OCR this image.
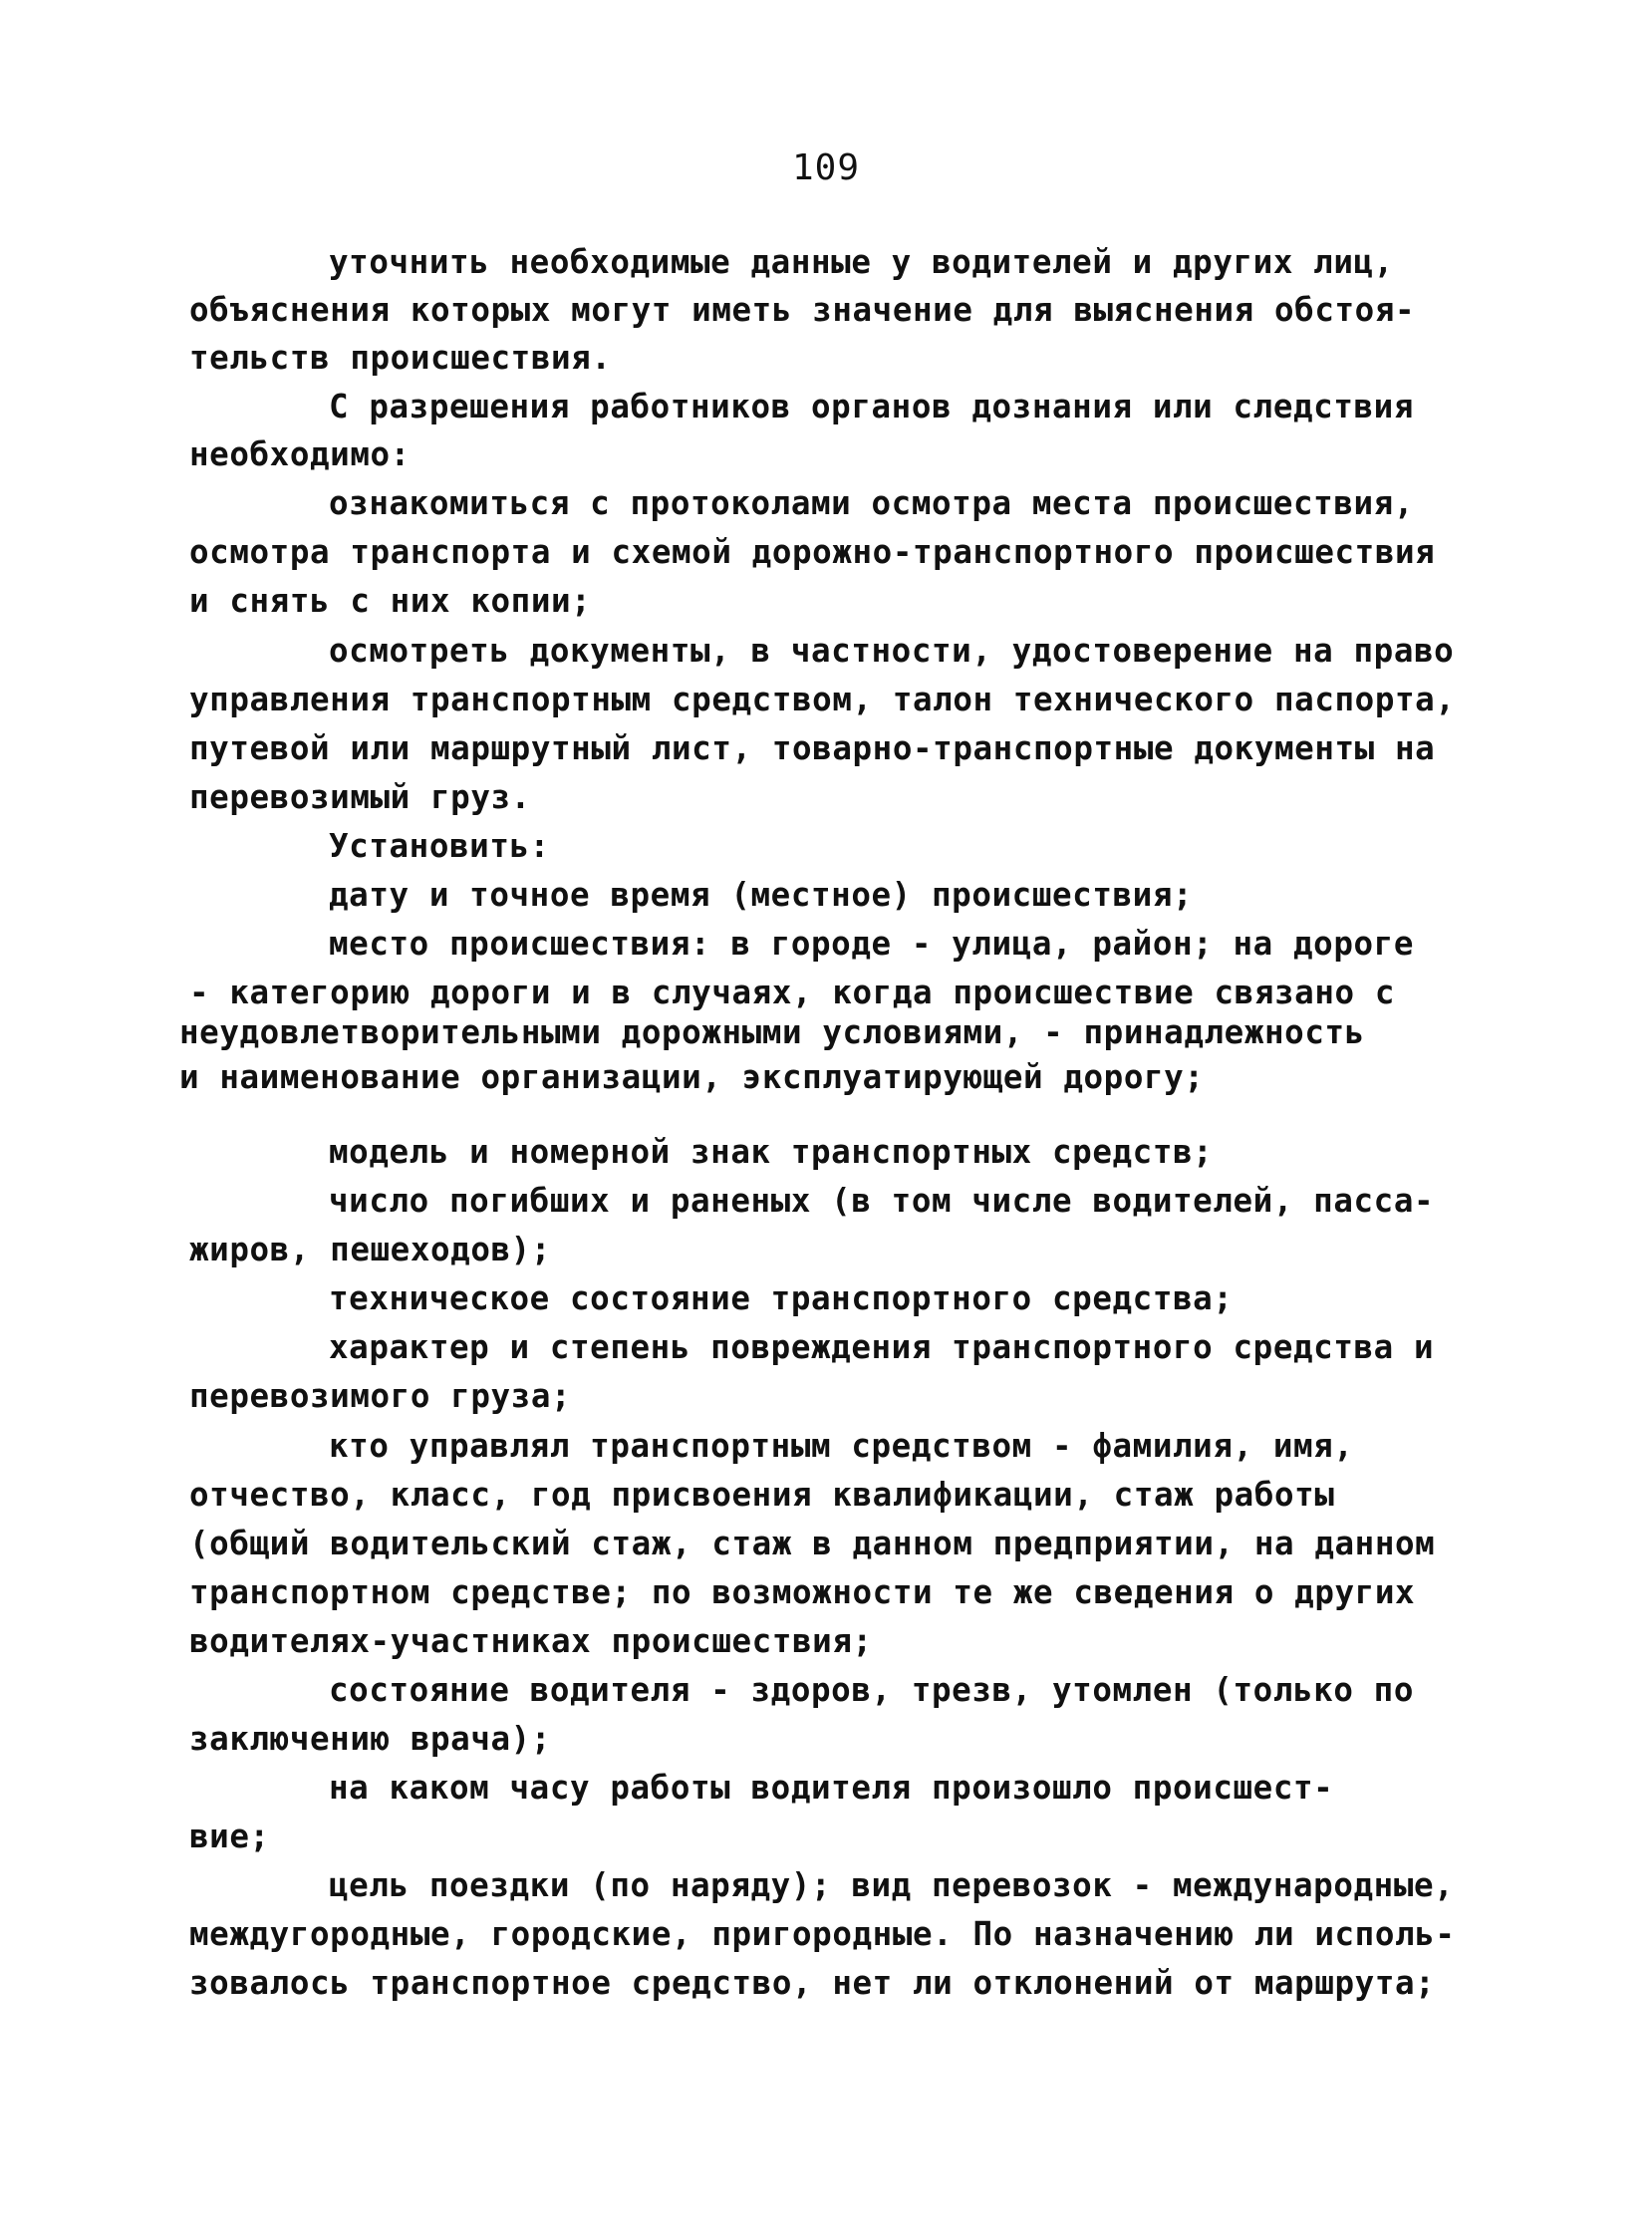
109
уточнить необходимые данные у водителей и других лиц,
объяснения которых могут иметь значение для выяснения обстоя-
тельств происшествия.
С разрешения работников органов дознания или следствия
необходимо:
ознакомиться с протоколами осмотра места происшествия,
осмотра транспорта и схемой дорожно-транспортного происшествия
и снять с них копии;
осмотреть документы, в частности, удостоверение на право
управления транспортным средством, талон технического паспорта,
путевой или маршрутный лист, товарно-транспортные документы на
перевозимый груз.
Установить:
дату и точное время (местное) происшествия;
место происшествия: в городе - улица, район; на дороге
- категорию дороги и в случаях, когда происшествие связано с
неудовлетворительными дорожными условиями, - принадлежность
и наименование организации, эксплуатирующей дорогу;
модель и номерной знак транспортных средств;
число погибших и раненых (в том числе водителей, пасса-
жиров, пешеходов);
техническое состояние транспортного средства;
характер и степень повреждения транспортного средства и
перевозимого груза;
кто управлял транспортным средством - фамилия, имя,
отчество, класс, год присвоения квалификации, стаж работы
(общий водительский стаж, стаж в данном предприятии, на данном
транспортном средстве; по возможности те же сведения о других
водителях-участниках происшествия;
состояние водителя - здоров, трезв, утомлен (только по
заключению врача);
на каком часу работы водителя произошло происшест-
вие;
цель поездки (по наряду); вид перевозок - международные,
междугородные, городские, пригородные. По назначению ли исполь-
зовалось транспортное средство, нет ли отклонений от маршрута;
